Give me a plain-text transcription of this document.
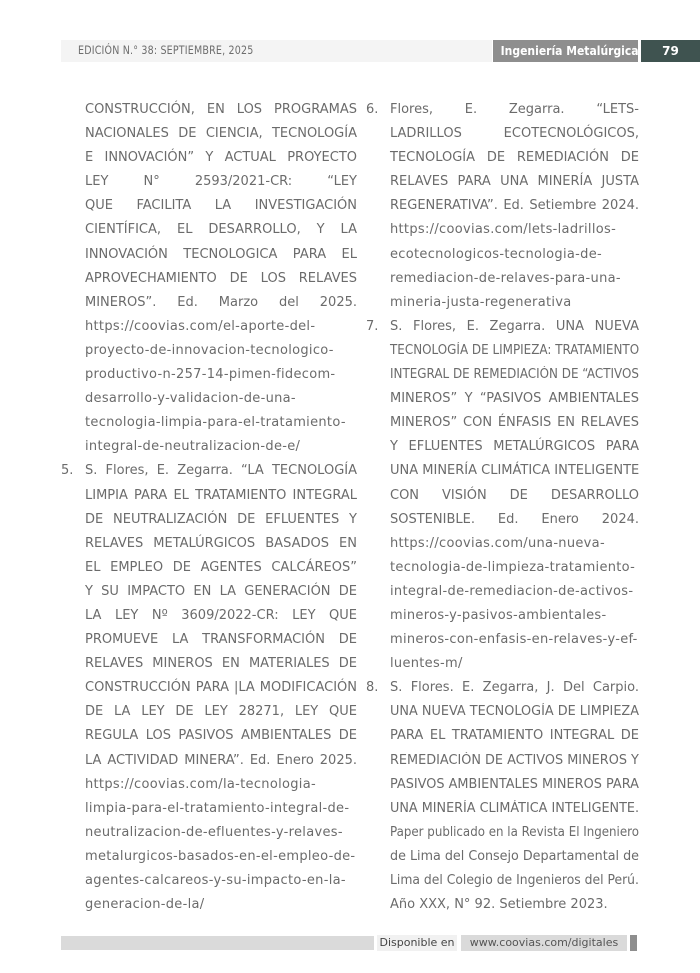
EDICIÓN N.° 38: SEPTIEMBRE, 2025	Ingeniería Metalúrgica	79
CONSTRUCCIÓN, EN LOS PROGRAMAS
NACIONALES DE CIENCIA, TECNOLOGÍA
E INNOVACIÓN” Y ACTUAL PROYECTO
LEY N° 2593/2021-CR: “LEY
QUE FACILITA LA INVESTIGACIÓN
CIENTÍFICA, EL DESARROLLO, Y LA
INNOVACIÓN TECNOLOGICA PARA EL
APROVECHAMIENTO DE LOS RELAVES
MINEROS”. Ed. Marzo del 2025.
https://coovias.com/el-aporte-del-
proyecto-de-innovacion-tecnologico-
productivo-n-257-14-pimen-fidecom-
desarrollo-y-validacion-de-una-
tecnologia-limpia-para-el-tratamiento-
integral-de-neutralizacion-de-e/
5. S. Flores, E. Zegarra. “LA TECNOLOGÍA
LIMPIA PARA EL TRATAMIENTO INTEGRAL
DE NEUTRALIZACIÓN DE EFLUENTES Y
RELAVES METALÚRGICOS BASADOS EN
EL EMPLEO DE AGENTES CALCÁREOS”
Y SU IMPACTO EN LA GENERACIÓN DE
LA LEY Nº 3609/2022-CR: LEY QUE
PROMUEVE LA TRANSFORMACIÓN DE
RELAVES MINEROS EN MATERIALES DE
CONSTRUCCIÓN PARA |LA MODIFICACIÓN
DE LA LEY DE LEY 28271, LEY QUE
REGULA LOS PASIVOS AMBIENTALES DE
LA ACTIVIDAD MINERA”. Ed. Enero 2025.
https://coovias.com/la-tecnologia-
limpia-para-el-tratamiento-integral-de-
neutralizacion-de-efluentes-y-relaves-
metalurgicos-basados-en-el-empleo-de-
agentes-calcareos-y-su-impacto-en-la-
generacion-de-la/
6. Flores, E. Zegarra. “LETS-
LADRILLOS ECOTECNOLÓGICOS,
TECNOLOGÍA DE REMEDIACIÓN DE
RELAVES PARA UNA MINERÍA JUSTA
REGENERATIVA”. Ed. Setiembre 2024.
https://coovias.com/lets-ladrillos-
ecotecnologicos-tecnologia-de-
remediacion-de-relaves-para-una-
mineria-justa-regenerativa
7. S. Flores, E. Zegarra. UNA NUEVA
TECNOLOGÍA DE LIMPIEZA: TRATAMIENTO
INTEGRAL DE REMEDIACIÓN DE “ACTIVOS
MINEROS” Y “PASIVOS AMBIENTALES
MINEROS” CON ÉNFASIS EN RELAVES
Y EFLUENTES METALÚRGICOS PARA
UNA MINERÍA CLIMÁTICA INTELIGENTE
CON VISIÓN DE DESARROLLO
SOSTENIBLE. Ed. Enero 2024.
https://coovias.com/una-nueva-
tecnologia-de-limpieza-tratamiento-
integral-de-remediacion-de-activos-
mineros-y-pasivos-ambientales-
mineros-con-enfasis-en-relaves-y-ef-
luentes-m/
8. S. Flores. E. Zegarra, J. Del Carpio.
UNA NUEVA TECNOLOGÍA DE LIMPIEZA
PARA EL TRATAMIENTO INTEGRAL DE
REMEDIACIÓN DE ACTIVOS MINEROS Y
PASIVOS AMBIENTALES MINEROS PARA
UNA MINERÍA CLIMÁTICA INTELIGENTE.
Paper publicado en la Revista El Ingeniero
de Lima del Consejo Departamental de
Lima del Colegio de Ingenieros del Perú.
Año XXX, N° 92. Setiembre 2023.
Disponible en	www.coovias.com/digitales
